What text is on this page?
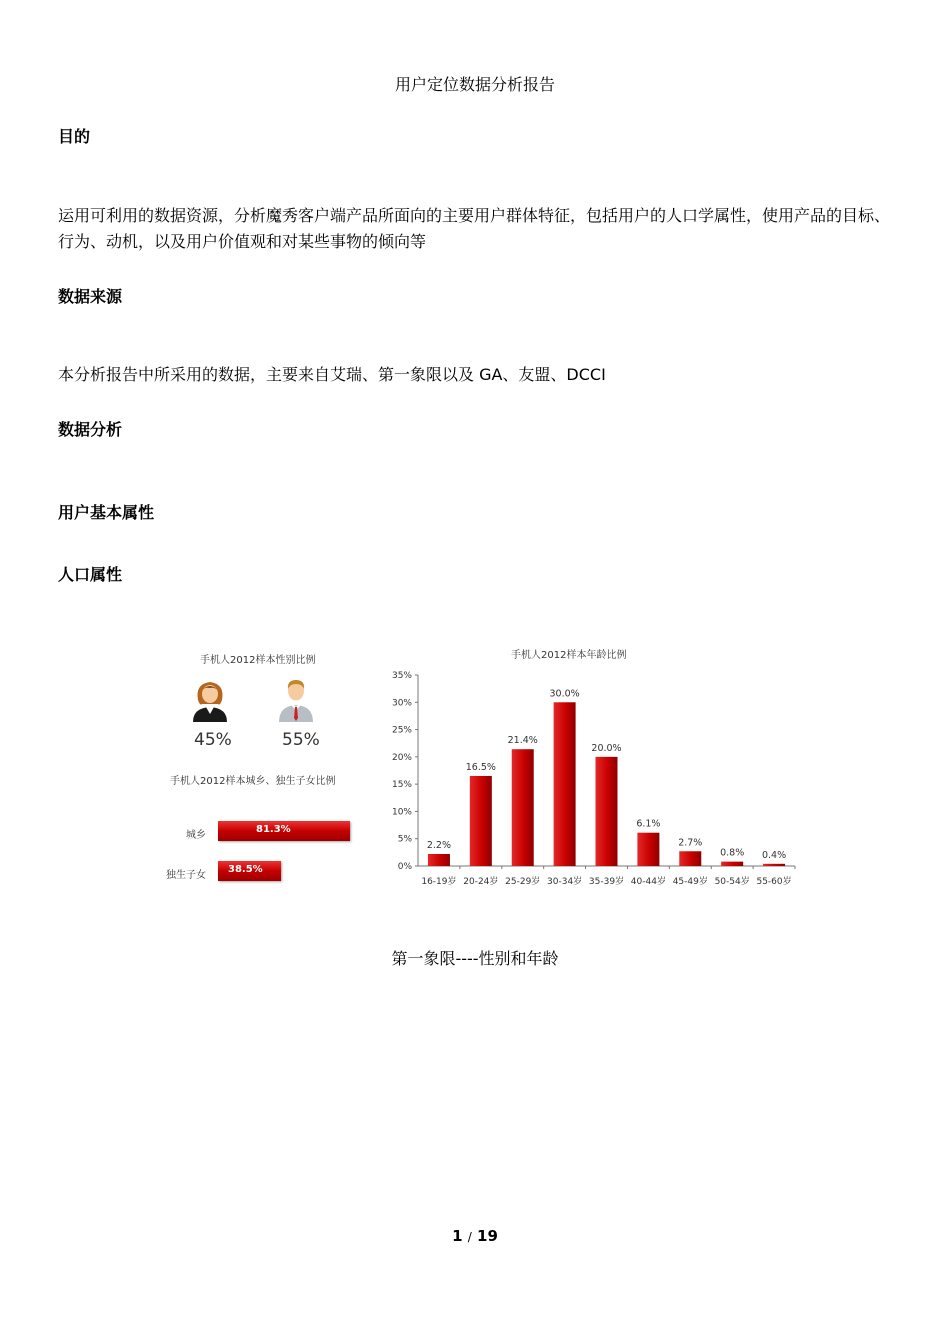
用户定位数据分析报告
目的
运用可利用的数据资源，分析魔秀客户端产品所面向的主要用户群体特征，包括用户的人口学属性，使用产品的目标、行为、动机，以及用户价值观和对某些事物的倾向等
数据来源
本分析报告中所采用的数据，主要来自艾瑞、第一象限以及 GA、友盟、DCCI
数据分析
用户基本属性
人口属性
手机人2012样本性别比例
45%	55%
手机人2012样本城乡、独生子女比例
城乡
81.3%
独生子女
38.5%
手机人2012样本年龄比例
0%
5%
10%
15%
20%
25%
30%
35%
2.2%
16-19岁
16.5%
20-24岁
21.4%
25-29岁
30.0%
30-34岁
20.0%
35-39岁
6.1%
40-44岁
2.7%
45-49岁
0.8%
50-54岁
0.4%
55-60岁
第一象限----性别和年龄
1 / 19
